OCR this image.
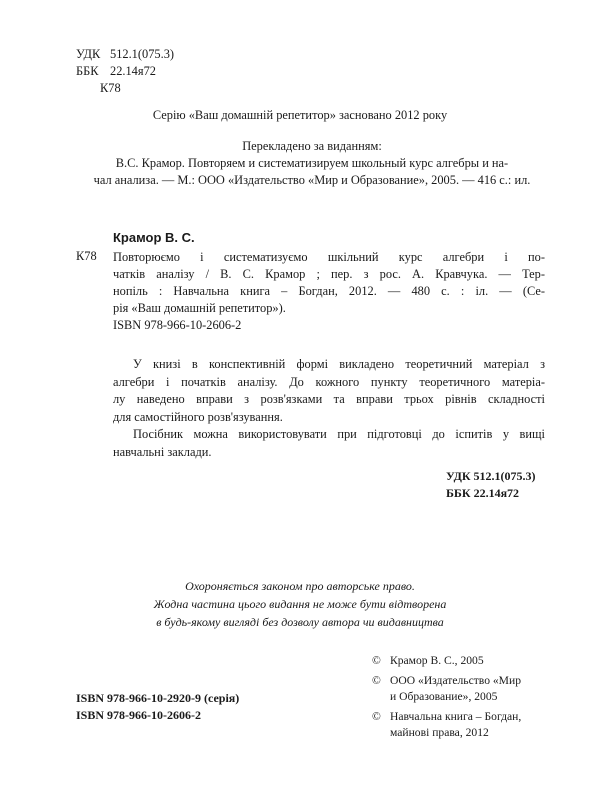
УДК 512.1(075.3)
ББК 22.14я72
К78
Серію «Ваш домашній репетитор» засновано 2012 року
Перекладено за виданням:
В.С. Крамор. Повторяем и систематизируем школьный курс алгебры и на-
чал анализа. — М.: ООО «Издательство «Мир и Образование», 2005. — 416 с.: ил.
Крамор В. С.
К78 Повторюємо і систематизуємо шкільний курс алгебри і по-
чатків аналізу / В. С. Крамор ; пер. з рос. А. Кравчука. — Тер-
нопіль : Навчальна книга – Богдан, 2012. — 480 с. : іл. — (Се-
рія «Ваш домашній репетитор»).
ISBN 978-966-10-2606-2
У книзі в конспективній формі викладено теоретичний матеріал з
алгебри і початків аналізу. До кожного пункту теоретичного матеріа-
лу наведено вправи з розв'язками та вправи трьох рівнів складності
для самостійного розв'язування.
Посібник можна використовувати при підготовці до іспитів у вищі
навчальні заклади.
УДК 512.1(075.3)
ББК 22.14я72
Охороняється законом про авторське право.
Жодна частина цього видання не може бути відтворена
в будь-якому вигляді без дозволу автора чи видавництва
© Крамор В. С., 2005
© ООО «Издательство «Мир
и Образование», 2005
© Навчальна книга – Богдан,
майнові права, 2012
ISBN 978-966-10-2920-9 (серія)
ISBN 978-966-10-2606-2
